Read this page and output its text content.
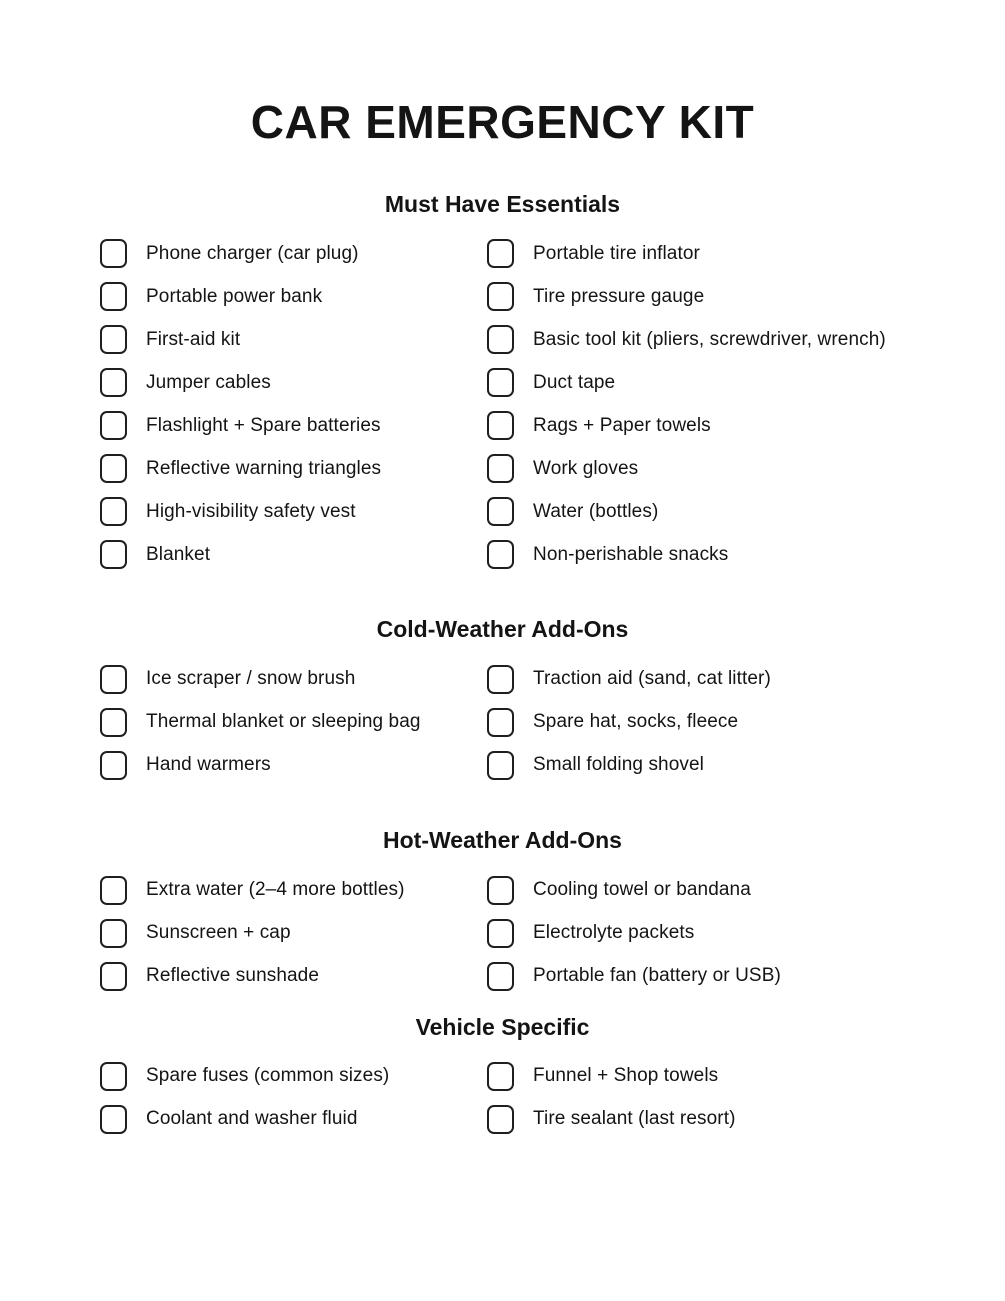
CAR EMERGENCY KIT
Must Have Essentials
Phone charger (car plug)
Portable power bank
First-aid kit
Jumper cables
Flashlight + Spare batteries
Reflective warning triangles
High-visibility safety vest
Blanket
Portable tire inflator
Tire pressure gauge
Basic tool kit (pliers, screwdriver, wrench)
Duct tape
Rags + Paper towels
Work gloves
Water (bottles)
Non-perishable snacks
Cold-Weather Add-Ons
Ice scraper / snow brush
Thermal blanket or sleeping bag
Hand warmers
Traction aid (sand, cat litter)
Spare hat, socks, fleece
Small folding shovel
Hot-Weather Add-Ons
Extra water (2–4 more bottles)
Sunscreen + cap
Reflective sunshade
Cooling towel or bandana
Electrolyte packets
Portable fan (battery or USB)
Vehicle Specific
Spare fuses (common sizes)
Coolant and washer fluid
Funnel + Shop towels
Tire sealant (last resort)
